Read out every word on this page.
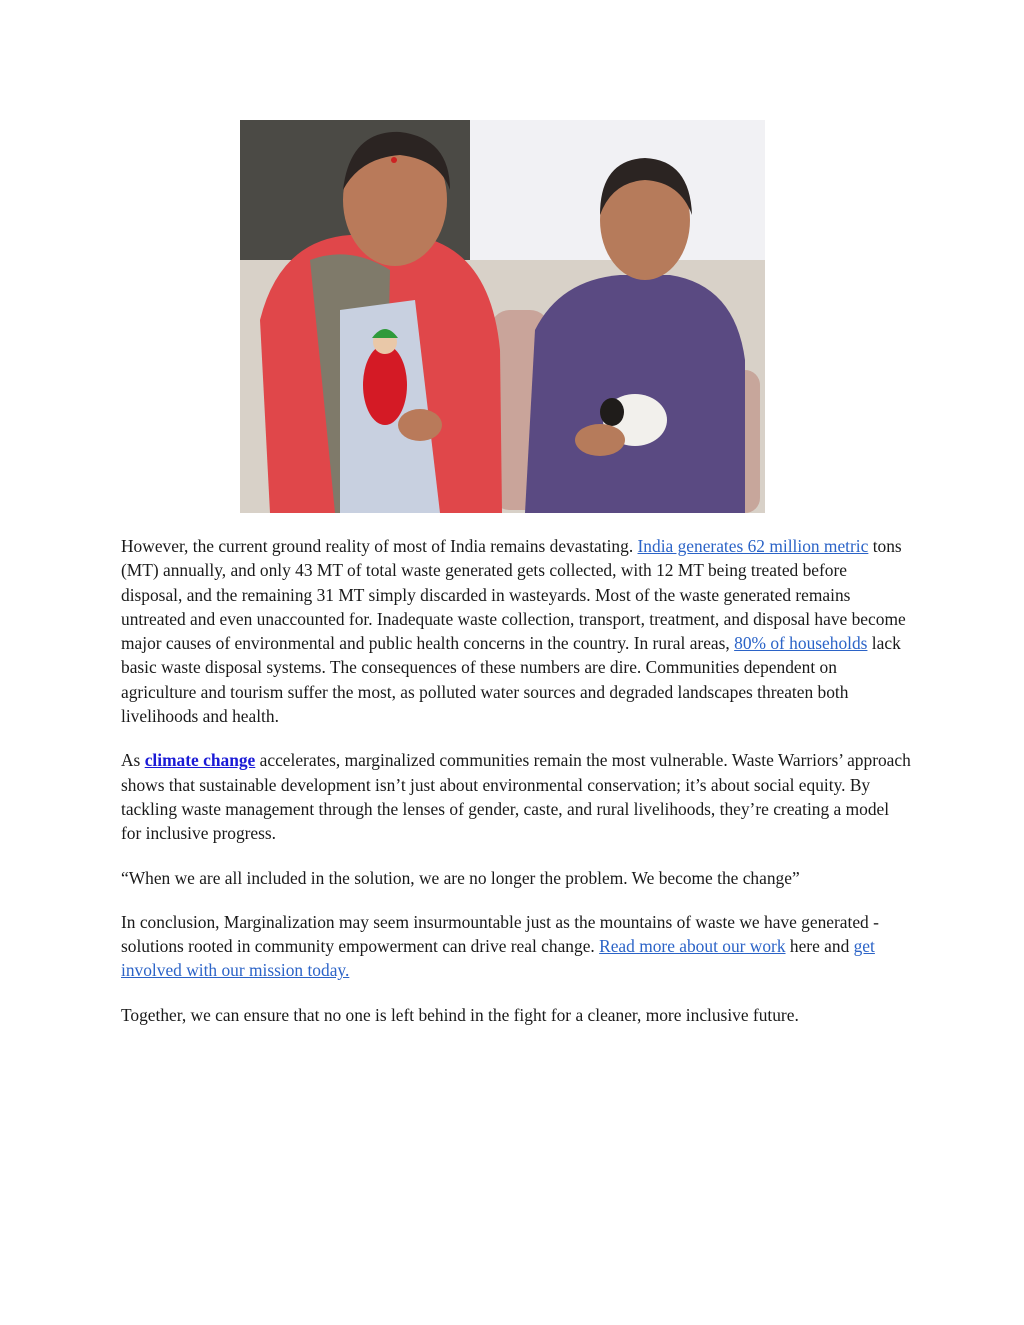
However, the current ground reality of most of India remains devastating. India generates 62 million metric tons (MT) annually, and only 43 MT of total waste generated gets collected, with 12 MT being treated before disposal, and the remaining 31 MT simply discarded in wasteyards. Most of the waste generated remains untreated and even unaccounted for. Inadequate waste collection, transport, treatment, and disposal have become major causes of environmental and public health concerns in the country. In rural areas, 80% of households lack basic waste disposal systems. The consequences of these numbers are dire. Communities dependent on agriculture and tourism suffer the most, as polluted water sources and degraded landscapes threaten both livelihoods and health.

As climate change accelerates, marginalized communities remain the most vulnerable. Waste Warriors’ approach shows that sustainable development isn’t just about environmental conservation; it’s about social equity. By tackling waste management through the lenses of gender, caste, and rural livelihoods, they’re creating a model for inclusive progress.

“When we are all included in the solution, we are no longer the problem. We become the change”

In conclusion, Marginalization may seem insurmountable just as the mountains of waste we have generated - solutions rooted in community empowerment can drive real change. Read more about our work here and get involved with our mission today.

Together, we can ensure that no one is left behind in the fight for a cleaner, more inclusive future.
